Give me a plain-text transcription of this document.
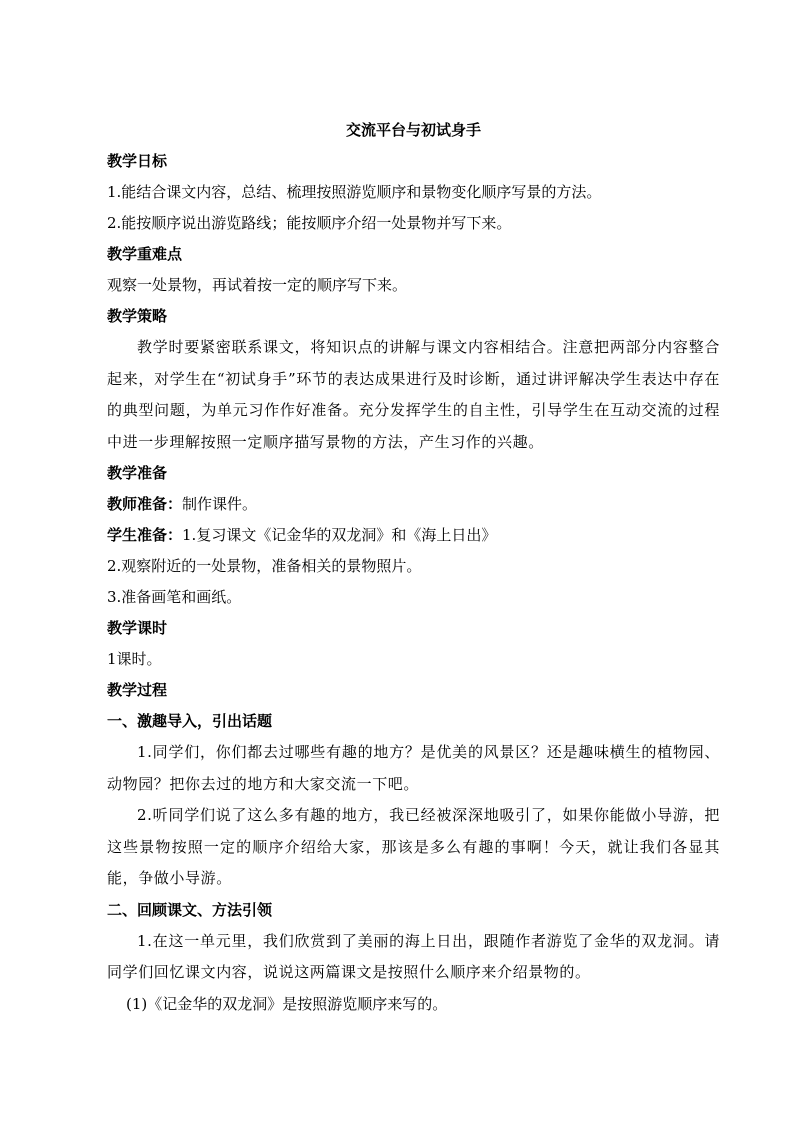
交流平台与初试身手
教学日标
1.能结合课文内容，总结、梳理按照游览顺序和景物变化顺序写景的方法。
2.能按顺序说出游览路线；能按顺序介绍一处景物并写下来。
教学重难点
观察一处景物，再试着按一定的顺序写下来。
教学策略
教学时要紧密联系课文，将知识点的讲解与课文内容相结合。注意把两部分内容整合起来，对学生在“初试身手”环节的表达成果进行及时诊断，通过讲评解决学生表达中存在的典型问题，为单元习作作好准备。充分发挥学生的自主性，引导学生在互动交流的过程中进一步理解按照一定顺序描写景物的方法，产生习作的兴趣。
教学准备
教师准备：制作课件。
学生准备：1.复习课文《记金华的双龙洞》和《海上日出》
2.观察附近的一处景物，准备相关的景物照片。
3.准备画笔和画纸。
教学课时
1课时。
教学过程
一、激趣导入，引出话题
1.同学们，你们都去过哪些有趣的地方？是优美的风景区？还是趣味横生的植物园、动物园？把你去过的地方和大家交流一下吧。
2.听同学们说了这么多有趣的地方，我已经被深深地吸引了，如果你能做小导游，把这些景物按照一定的顺序介绍给大家，那该是多么有趣的事啊！今天，就让我们各显其能，争做小导游。
二、回顾课文、方法引领
1.在这一单元里，我们欣赏到了美丽的海上日出，跟随作者游览了金华的双龙洞。请同学们回忆课文内容，说说这两篇课文是按照什么顺序来介绍景物的。
(1)《记金华的双龙洞》是按照游览顺序来写的。
